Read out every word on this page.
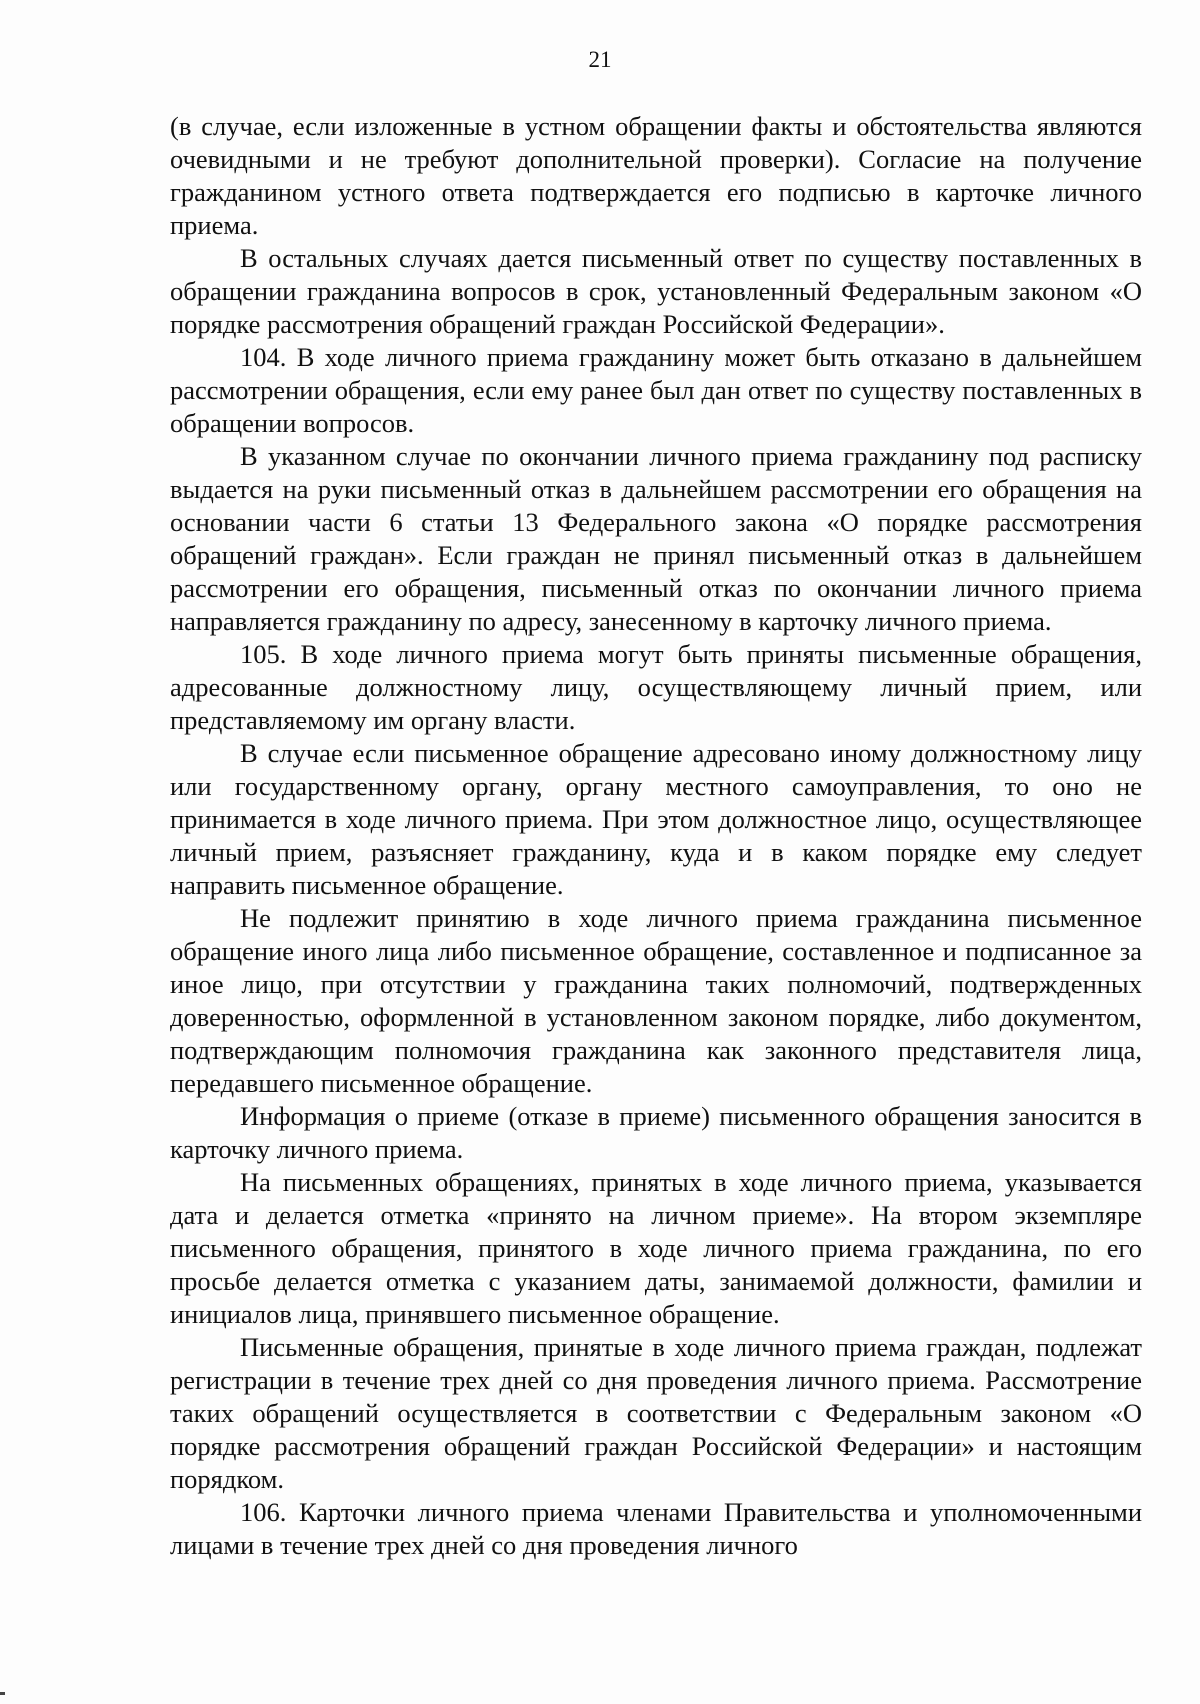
21

(в случае, если изложенные в устном обращении факты и обстоятельства являются очевидными и не требуют дополнительной проверки). Согласие на получение гражданином устного ответа подтверждается его подписью в карточке личного приема.

В остальных случаях дается письменный ответ по существу поставленных в обращении гражданина вопросов в срок, установленный Федеральным законом «О порядке рассмотрения обращений граждан Российской Федерации».

104. В ходе личного приема гражданину может быть отказано в дальнейшем рассмотрении обращения, если ему ранее был дан ответ по существу поставленных в обращении вопросов.

В указанном случае по окончании личного приема гражданину под расписку выдается на руки письменный отказ в дальнейшем рассмотрении его обращения на основании части 6 статьи 13 Федерального закона «О порядке рассмотрения обращений граждан». Если граждан не принял письменный отказ в дальнейшем рассмотрении его обращения, письменный отказ по окончании личного приема направляется гражданину по адресу, занесенному в карточку личного приема.

105. В ходе личного приема могут быть приняты письменные обращения, адресованные должностному лицу, осуществляющему личный прием, или представляемому им органу власти.

В случае если письменное обращение адресовано иному должностному лицу или государственному органу, органу местного самоуправления, то оно не принимается в ходе личного приема. При этом должностное лицо, осуществляющее личный прием, разъясняет гражданину, куда и в каком порядке ему следует направить письменное обращение.

Не подлежит принятию в ходе личного приема гражданина письменное обращение иного лица либо письменное обращение, составленное и подписанное за иное лицо, при отсутствии у гражданина таких полномочий, подтвержденных доверенностью, оформленной в установленном законом порядке, либо документом, подтверждающим полномочия гражданина как законного представителя лица, передавшего письменное обращение.

Информация о приеме (отказе в приеме) письменного обращения заносится в карточку личного приема.

На письменных обращениях, принятых в ходе личного приема, указывается дата и делается отметка «принято на личном приеме». На втором экземпляре письменного обращения, принятого в ходе личного приема гражданина, по его просьбе делается отметка с указанием даты, занимаемой должности, фамилии и инициалов лица, принявшего письменное обращение.

Письменные обращения, принятые в ходе личного приема граждан, подлежат регистрации в течение трех дней со дня проведения личного приема. Рассмотрение таких обращений осуществляется в соответствии с Федеральным законом «О порядке рассмотрения обращений граждан Российской Федерации» и настоящим порядком.

106. Карточки личного приема членами Правительства и уполномоченными лицами в течение трех дней со дня проведения личного
